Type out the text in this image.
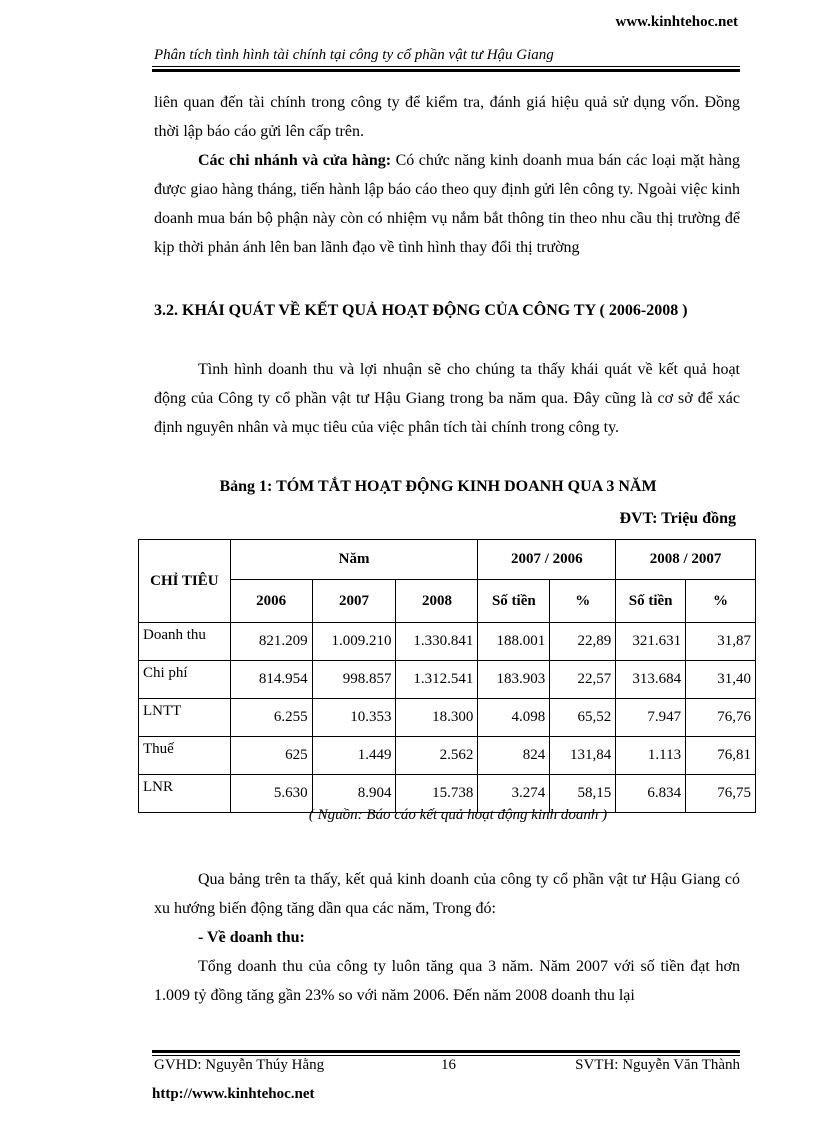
www.kinhtehoc.net
Phân tích tình hình tài chính tại công ty cổ phần vật tư Hậu Giang

liên quan đến tài chính trong công ty để kiểm tra, đánh giá hiệu quả sử dụng vốn. Đồng thời lập báo cáo gửi lên cấp trên.

Các chi nhánh và cửa hàng: Có chức năng kinh doanh mua bán các loại mặt hàng được giao hàng tháng, tiến hành lập báo cáo theo quy định gửi lên công ty. Ngoài việc kinh doanh mua bán bộ phận này còn có nhiệm vụ nắm bắt thông tin theo nhu cầu thị trường để kịp thời phản ánh lên ban lãnh đạo về tình hình thay đổi thị trường

3.2. KHÁI QUÁT VỀ KẾT QUẢ HOẠT ĐỘNG CỦA CÔNG TY ( 2006-2008 )

Tình hình doanh thu và lợi nhuận sẽ cho chúng ta thấy khái quát về kết quả hoạt động của Công ty cổ phần vật tư Hậu Giang trong ba năm qua. Đây cũng là cơ sở để xác định nguyên nhân và mục tiêu của việc phân tích tài chính trong công ty.

Bảng 1: TÓM TẮT HOẠT ĐỘNG KINH DOANH QUA 3 NĂM
ĐVT: Triệu đồng
CHỈ TIÊU	Năm			2007 / 2006		2008 / 2007	
	2006	2007	2008	Số tiền	%	Số tiền	%
Doanh thu	821.209	1.009.210	1.330.841	188.001	22,89	321.631	31,87
Chi phí	814.954	998.857	1.312.541	183.903	22,57	313.684	31,40
LNTT	6.255	10.353	18.300	4.098	65,52	7.947	76,76
Thuế	625	1.449	2.562	824	131,84	1.113	76,81
LNR	5.630	8.904	15.738	3.274	58,15	6.834	76,75
( Nguồn: Báo cáo kết quả hoạt động kinh doanh )

Qua bảng trên ta thấy, kết quả kinh doanh của công ty cổ phần vật tư Hậu Giang có xu hướng biến động tăng dần qua các năm, Trong đó:

- Về doanh thu:

Tổng doanh thu của công ty luôn tăng qua 3 năm. Năm 2007 với số tiền đạt hơn 1.009 tỷ đồng tăng gần 23% so với năm 2006. Đến năm 2008 doanh thu lại

GVHD: Nguyễn Thúy Hằng	16	SVTH: Nguyễn Văn Thành
http://www.kinhtehoc.net
